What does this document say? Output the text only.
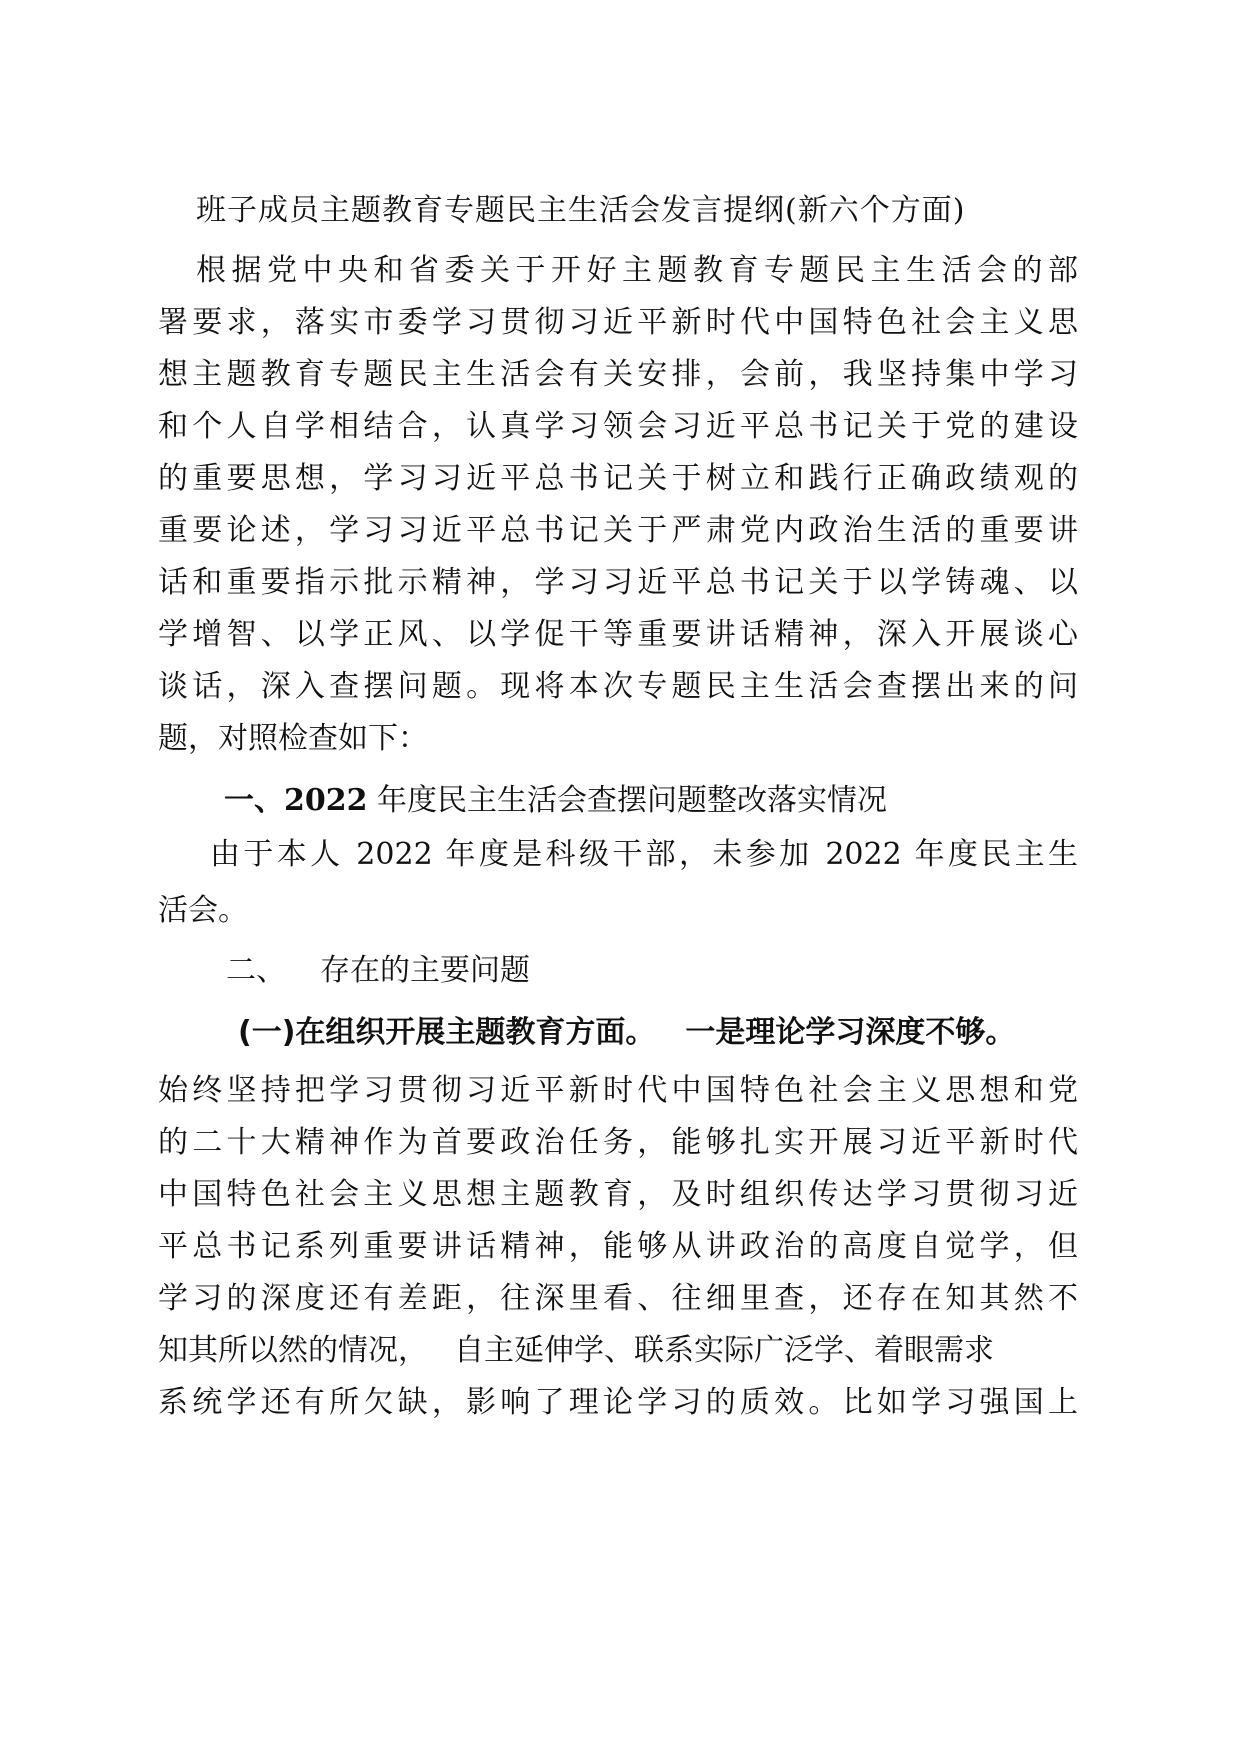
班子成员主题教育专题民主生活会发言提纲(新六个方面)
根据党中央和省委关于开好主题教育专题民主生活会的部
署要求，落实市委学习贯彻习近平新时代中国特色社会主义思
想主题教育专题民主生活会有关安排，会前，我坚持集中学习
和个人自学相结合，认真学习领会习近平总书记关于党的建设
的重要思想，学习习近平总书记关于树立和践行正确政绩观的
重要论述，学习习近平总书记关于严肃党内政治生活的重要讲
话和重要指示批示精神，学习习近平总书记关于以学铸魂、以
学增智、以学正风、以学促干等重要讲话精神，深入开展谈心
谈话，深入查摆问题。现将本次专题民主生活会查摆出来的问
题，对照检查如下：
一、2022 年度民主生活会查摆问题整改落实情况
由于本人 2022 年度是科级干部，未参加 2022 年度民主生
活会。
二、 存在的主要问题
(一)在组织开展主题教育方面。 一是理论学习深度不够。
始终坚持把学习贯彻习近平新时代中国特色社会主义思想和党
的二十大精神作为首要政治任务，能够扎实开展习近平新时代
中国特色社会主义思想主题教育，及时组织传达学习贯彻习近
平总书记系列重要讲话精神，能够从讲政治的高度自觉学，但
学习的深度还有差距，往深里看、往细里查，还存在知其然不
知其所以然的情况， 自主延伸学、联系实际广泛学、着眼需求
系统学还有所欠缺，影响了理论学习的质效。比如学习强国上
